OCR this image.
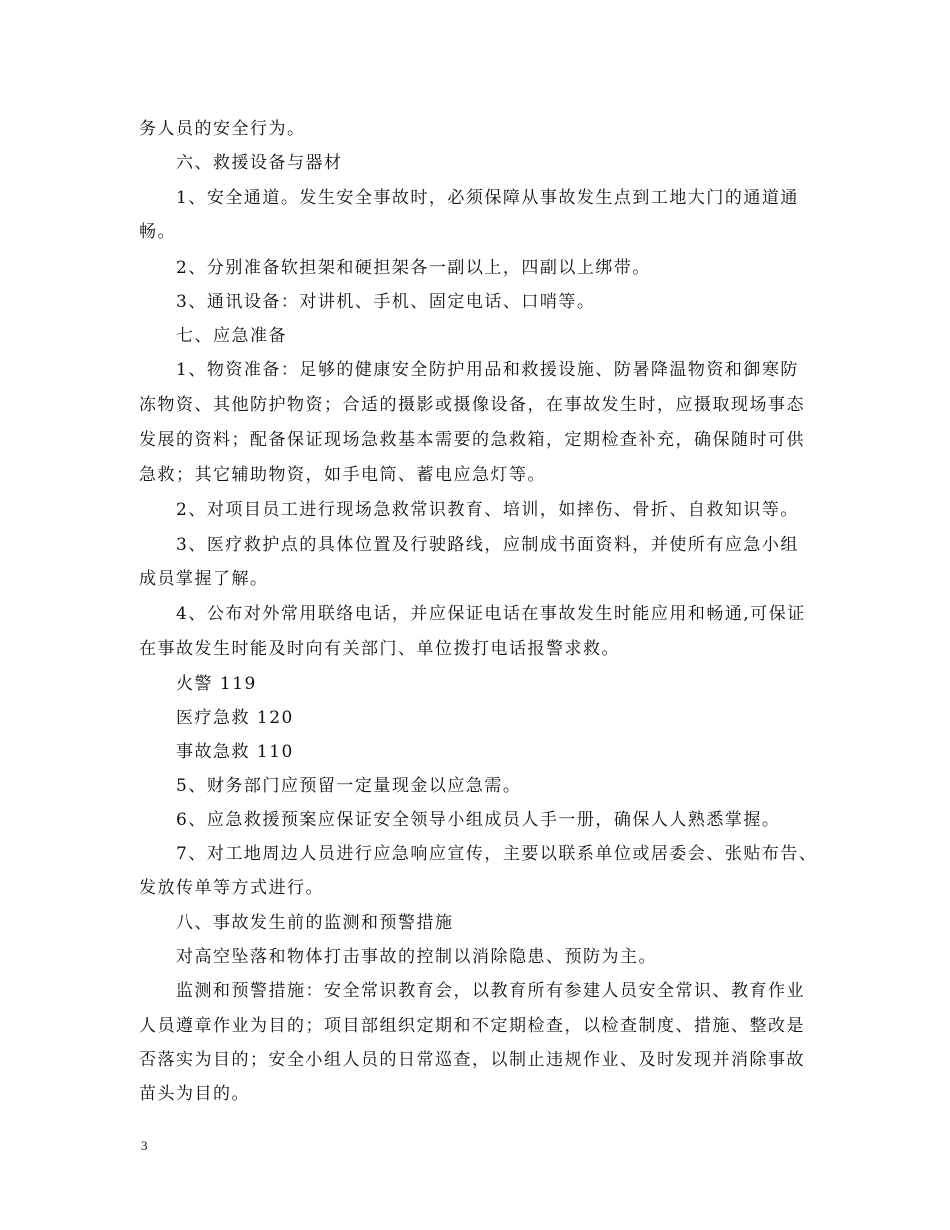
务人员的安全行为。
六、救援设备与器材
1、安全通道。发生安全事故时，必须保障从事故发生点到工地大门的通道通
畅。
2、分别准备软担架和硬担架各一副以上，四副以上绑带。
3、通讯设备：对讲机、手机、固定电话、口哨等。
七、应急准备
1、物资准备：足够的健康安全防护用品和救援设施、防暑降温物资和御寒防
冻物资、其他防护物资；合适的摄影或摄像设备，在事故发生时，应摄取现场事态
发展的资料；配备保证现场急救基本需要的急救箱，定期检查补充，确保随时可供
急救；其它辅助物资，如手电筒、蓄电应急灯等。
2、对项目员工进行现场急救常识教育、培训，如摔伤、骨折、自救知识等。
3、医疗救护点的具体位置及行驶路线，应制成书面资料，并使所有应急小组
成员掌握了解。
4、公布对外常用联络电话，并应保证电话在事故发生时能应用和畅通,可保证
在事故发生时能及时向有关部门、单位拨打电话报警求救。
火警 119
医疗急救 120
事故急救 110
5、财务部门应预留一定量现金以应急需。
6、应急救援预案应保证安全领导小组成员人手一册，确保人人熟悉掌握。
7、对工地周边人员进行应急响应宣传，主要以联系单位或居委会、张贴布告、
发放传单等方式进行。
八、事故发生前的监测和预警措施
对高空坠落和物体打击事故的控制以消除隐患、预防为主。
监测和预警措施：安全常识教育会，以教育所有参建人员安全常识、教育作业
人员遵章作业为目的；项目部组织定期和不定期检查，以检查制度、措施、整改是
否落实为目的；安全小组人员的日常巡查，以制止违规作业、及时发现并消除事故
苗头为目的。
3
